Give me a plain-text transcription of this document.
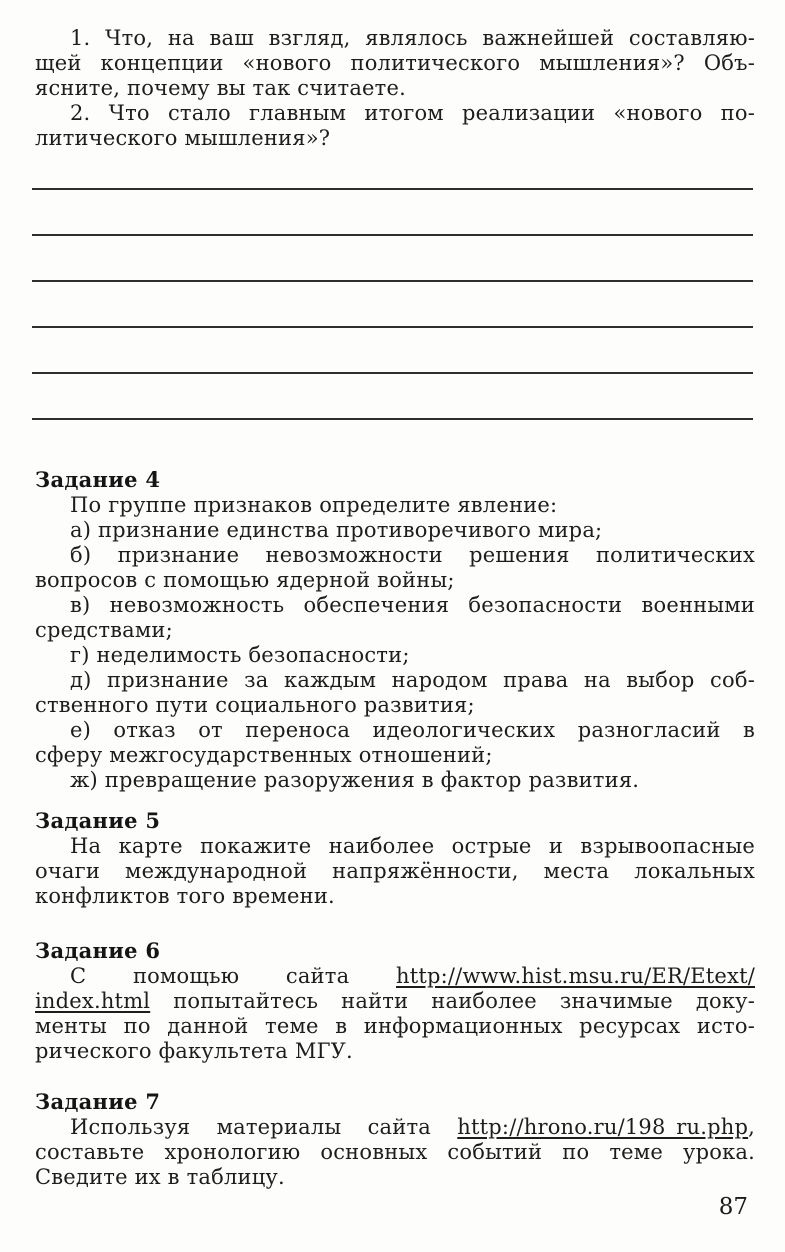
1. Что, на ваш взгляд, являлось важнейшей составляю-
щей концепции «нового политического мышления»? Объ-
ясните, почему вы так считаете.
2. Что стало главным итогом реализации «нового по-
литического мышления»?
Задание 4
По группе признаков определите явление:
а) признание единства противоречивого мира;
б) признание невозможности решения политических
вопросов с помощью ядерной войны;
в) невозможность обеспечения безопасности военными
средствами;
г) неделимость безопасности;
д) признание за каждым народом права на выбор соб-
ственного пути социального развития;
е) отказ от переноса идеологических разногласий в
сферу межгосударственных отношений;
ж) превращение разоружения в фактор развития.
Задание 5
На карте покажите наиболее острые и взрывоопасные
очаги международной напряжённости, места локальных
конфликтов того времени.
Задание 6
С помощью сайта http://www.hist.msu.ru/ER/Etext/
index.html попытайтесь найти наиболее значимые доку-
менты по данной теме в информационных ресурсах исто-
рического факультета МГУ.
Задание 7
Используя материалы сайта http://hrono.ru/198_ru.php,
составьте хронологию основных событий по теме урока.
Сведите их в таблицу.
87
